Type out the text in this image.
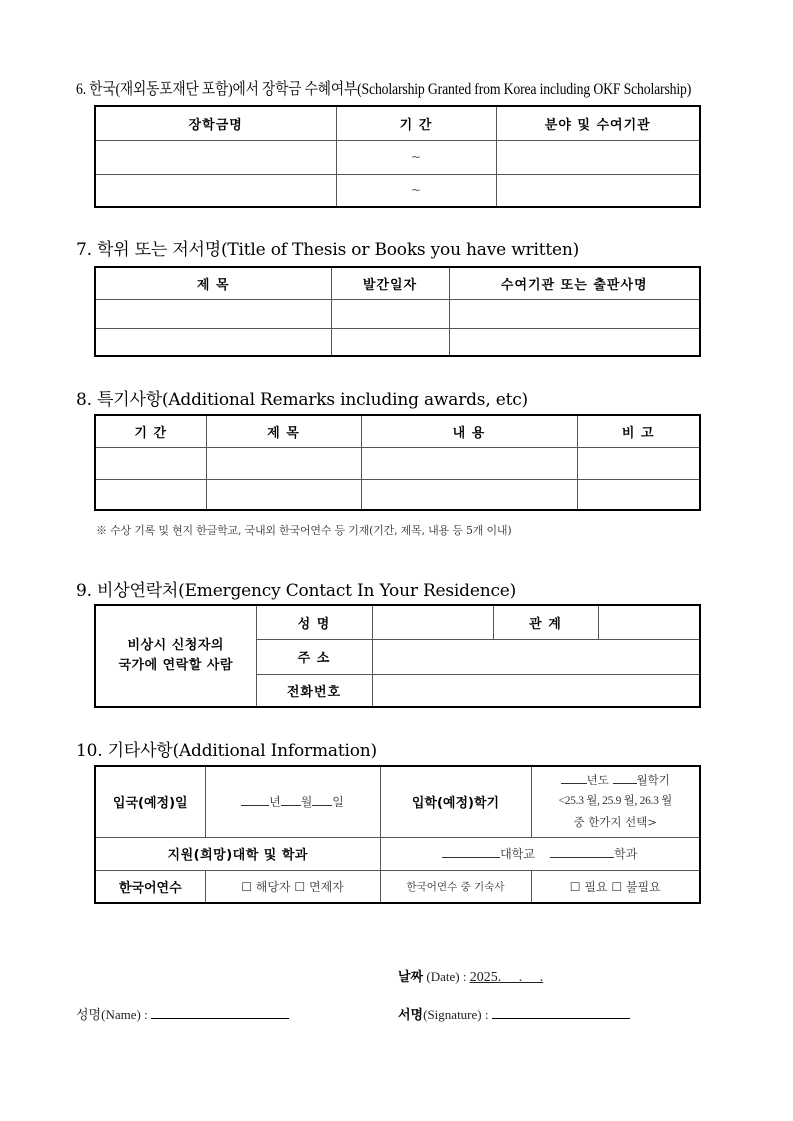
6. 한국(재외동포재단 포함)에서 장학금 수혜여부(Scholarship Granted from Korea including OKF Scholarship)
장학금명	기 간	분야 및 수여기관
	~	
	~	
7. 학위 또는 저서명(Title of Thesis or Books you have written)
제 목	발간일자	수여기관 또는 출판사명

8. 특기사항(Additional Remarks including awards, etc)
기 간	제 목	내 용	비 고

※ 수상 기록 및 현지 한글학교, 국내외 한국어연수 등 기재(기간, 제목, 내용 등 5개 이내)
9. 비상연락처(Emergency Contact In Your Residence)
비상시 신청자의
국가에 연락할 사람	성 명		관 계	
	주 소			
	전화번호			
10. 기타사항(Additional Information)
입국(예정)일	년 월 일	입학(예정)학기	년도 월학기
<25.3 월, 25.9 월, 26.3 월
중 한가지 선택>

지원(희망)대학 및 학과		대학교 학과	
한국어연수	☐ 해당자 ☐ 면제자	한국어연수 중 기숙사	☐ 필요 ☐ 불필요
날짜 (Date) : 2025.     .     .
성명(Name) :	서명(Signature) :
